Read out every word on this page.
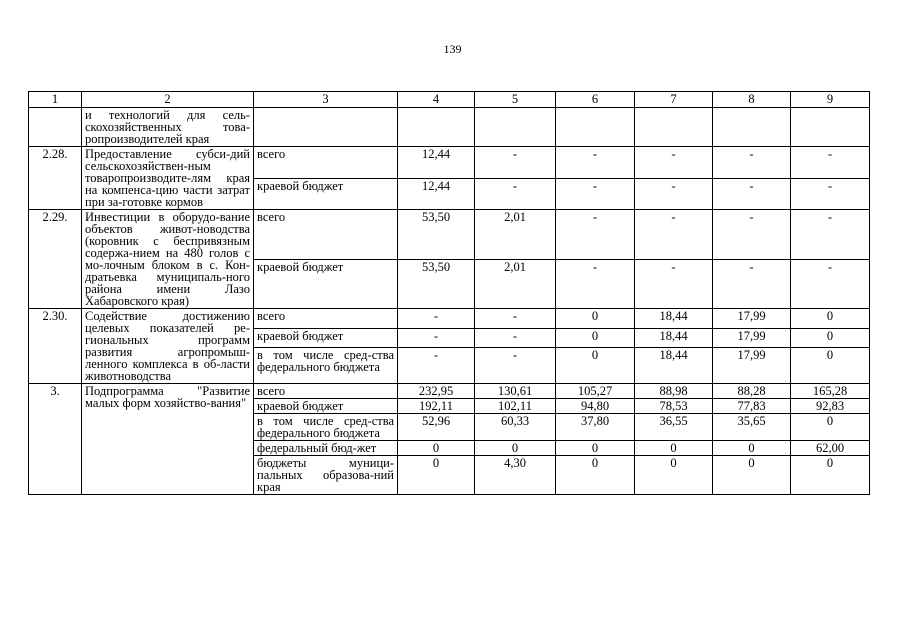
139
1	2	3	4	5	6	7	8	9
	и технологий для сель-скохозяйственных това-ропроизводителей края							
2.28.	Предоставление субси-дий сельскохозяйствен-ным товаропроизводите-лям края на компенса-цию части затрат при за-готовке кормов	всего	12,44	-	-	-	-	-
		краевой бюджет	12,44	-	-	-	-	-
2.29.	Инвестиции в оборудо-вание объектов живот-новодства (коровник с беспривязным содержа-нием на 480 голов с мо-лочным блоком в с. Кон-дратьевка муниципаль-ного района имени Лазо Хабаровского края)	всего	53,50	2,01	-	-	-	-
		краевой бюджет	53,50	2,01	-	-	-	-
2.30.	Содействие достижению целевых показателей ре-гиональных программ развития агропромыш-ленного комплекса в об-ласти животноводства	всего	-	-	0	18,44	17,99	0
		краевой бюджет	-	-	0	18,44	17,99	0
		в том числе сред-ства федерального бюджета	-	-	0	18,44	17,99	0
3.	Подпрограмма "Развитие малых форм хозяйство-вания"	всего	232,95	130,61	105,27	88,98	88,28	165,28
		краевой бюджет	192,11	102,11	94,80	78,53	77,83	92,83
		в том числе сред-ства федерального бюджета	52,96	60,33	37,80	36,55	35,65	0
		федеральный бюд-жет	0	0	0	0	0	62,00
		бюджеты муници-пальных образова-ний края	0	4,30	0	0	0	0
